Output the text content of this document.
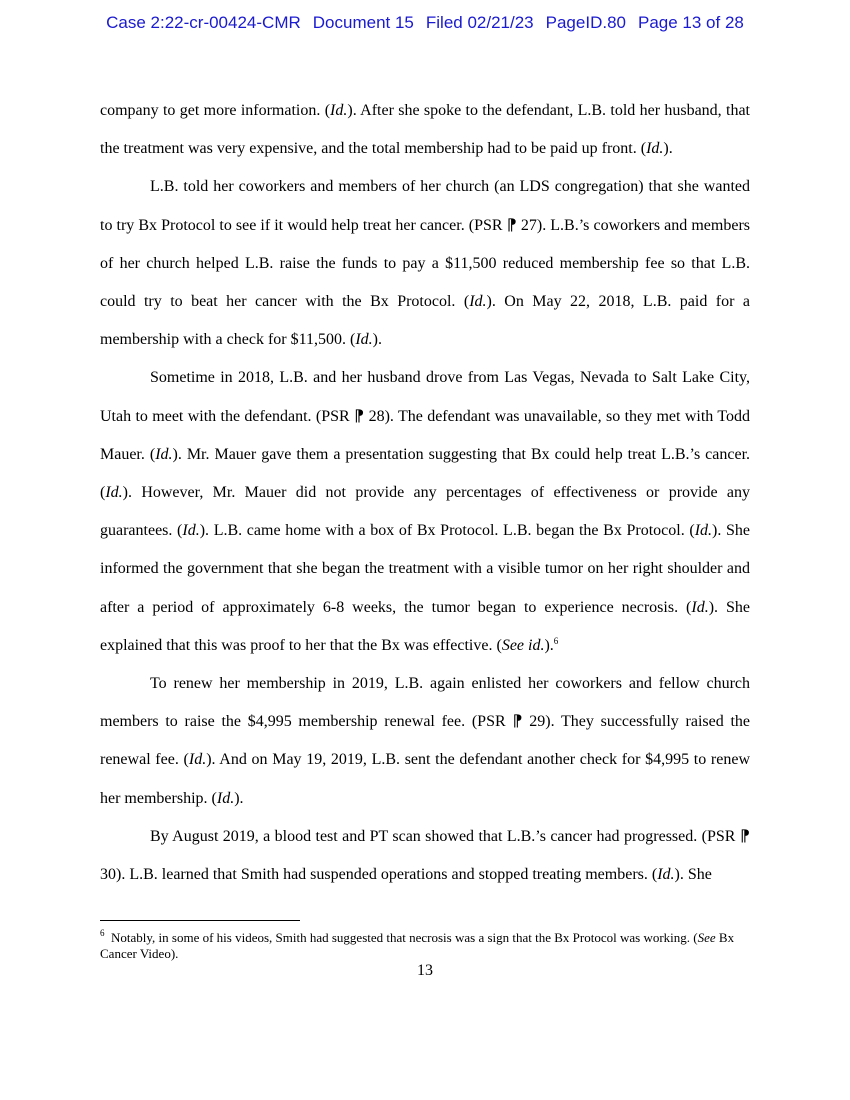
Case 2:22-cr-00424-CMR Document 15 Filed 02/21/23 PageID.80 Page 13 of 28

company to get more information. (Id.). After she spoke to the defendant, L.B. told her husband, that the treatment was very expensive, and the total membership had to be paid up front. (Id.).

L.B. told her coworkers and members of her church (an LDS congregation) that she wanted to try Bx Protocol to see if it would help treat her cancer. (PSR ⁋ 27). L.B.’s coworkers and members of her church helped L.B. raise the funds to pay a $11,500 reduced membership fee so that L.B. could try to beat her cancer with the Bx Protocol. (Id.). On May 22, 2018, L.B. paid for a membership with a check for $11,500. (Id.).

Sometime in 2018, L.B. and her husband drove from Las Vegas, Nevada to Salt Lake City, Utah to meet with the defendant. (PSR ⁋ 28). The defendant was unavailable, so they met with Todd Mauer. (Id.). Mr. Mauer gave them a presentation suggesting that Bx could help treat L.B.’s cancer. (Id.). However, Mr. Mauer did not provide any percentages of effectiveness or provide any guarantees. (Id.). L.B. came home with a box of Bx Protocol. L.B. began the Bx Protocol. (Id.). She informed the government that she began the treatment with a visible tumor on her right shoulder and after a period of approximately 6-8 weeks, the tumor began to experience necrosis. (Id.). She explained that this was proof to her that the Bx was effective. (See id.).$^6$

To renew her membership in 2019, L.B. again enlisted her coworkers and fellow church members to raise the $4,995 membership renewal fee. (PSR ⁋ 29). They successfully raised the renewal fee. (Id.). And on May 19, 2019, L.B. sent the defendant another check for $4,995 to renew her membership. (Id.).

By August 2019, a blood test and PT scan showed that L.B.’s cancer had progressed. (PSR ⁋ 30). L.B. learned that Smith had suspended operations and stopped treating members. (Id.). She

$^6$ Notably, in some of his videos, Smith had suggested that necrosis was a sign that the Bx Protocol was working. (See Bx Cancer Video).
13
